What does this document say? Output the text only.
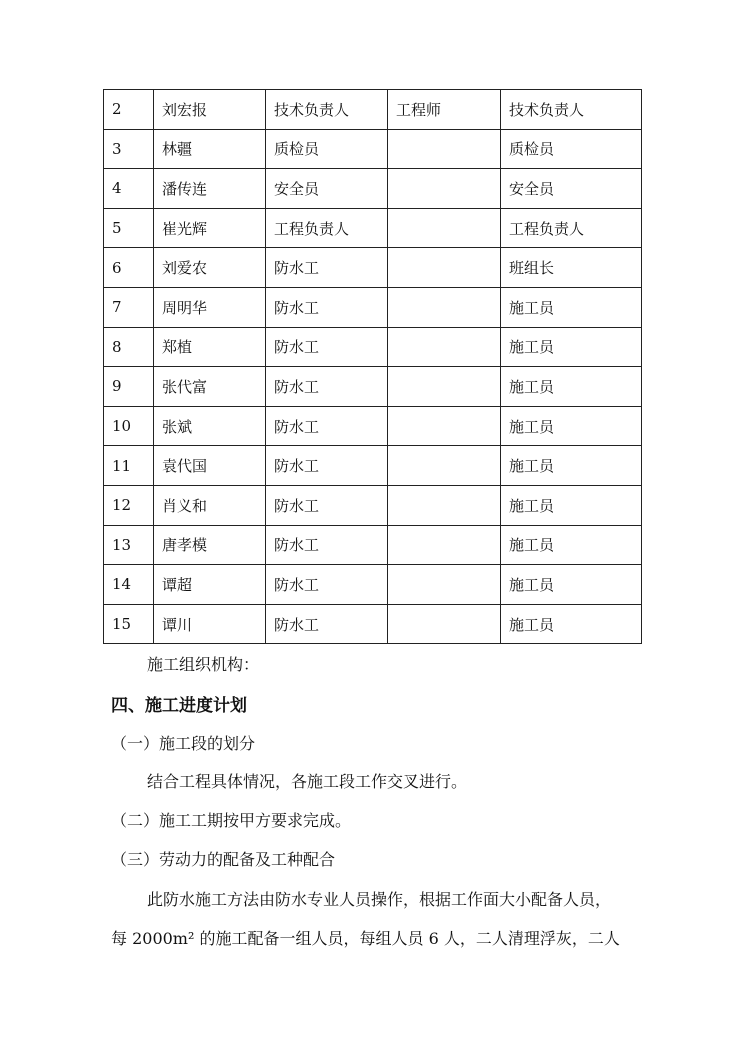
2	刘宏报	技术负责人	工程师	技术负责人
3	林疆	质检员		质检员
4	潘传连	安全员		安全员
5	崔光辉	工程负责人		工程负责人
6	刘爱农	防水工		班组长
7	周明华	防水工		施工员
8	郑植	防水工		施工员
9	张代富	防水工		施工员
10	张斌	防水工		施工员
11	袁代国	防水工		施工员
12	肖义和	防水工		施工员
13	唐孝模	防水工		施工员
14	谭超	防水工		施工员
15	谭川	防水工		施工员
施工组织机构：
四、施工进度计划
（一）施工段的划分
结合工程具体情况，各施工段工作交叉进行。
（二）施工工期按甲方要求完成。
（三）劳动力的配备及工种配合
此防水施工方法由防水专业人员操作，根据工作面大小配备人员，
每 2000m² 的施工配备一组人员，每组人员 6 人，二人清理浮灰，二人
